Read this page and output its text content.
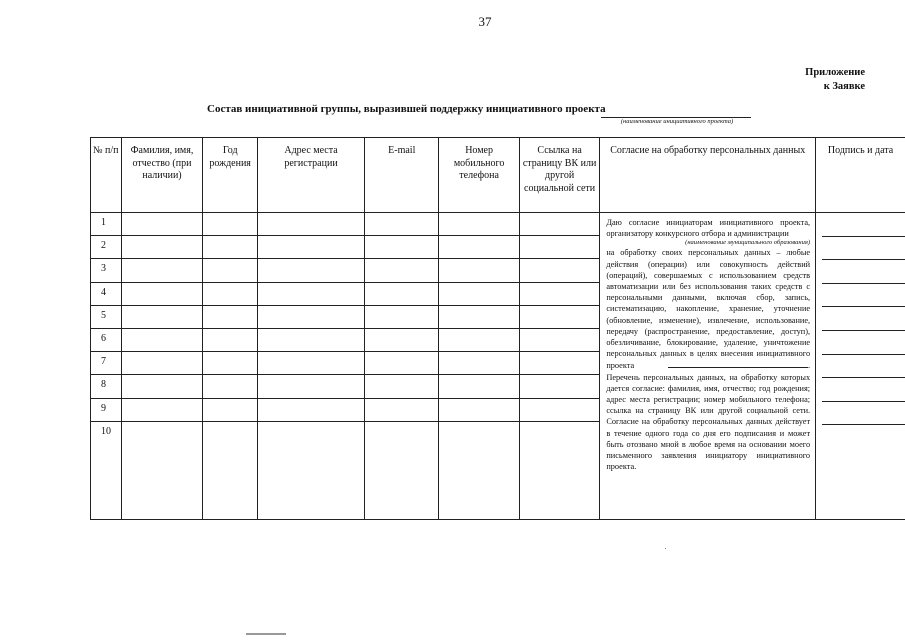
37
Приложение
к Заявке
Состав инициативной группы, выразившей поддержку инициативного проекта
(наименование инициативного проекта)
№ п/п	Фамилия, имя, отчество (при наличии)	Год рождения	Адрес места регистрации	E-mail	Номер мобильного телефона	Ссылка на страницу ВК или другой социальной сети	Согласие на обработку персональных данных	Подпись и дата
1							Даю согласие инициаторам инициативного проекта, организатору конкурсного отбора и администрации
(наименование муниципального образования)
на обработку своих персональных данных – любые действия (операции) или совокупность действий (операций), совершаемых с использованием средств автоматизации или без использования таких средств с персональными данными, включая сбор, запись, систематизацию, накопление, хранение, уточнение (обновление, изменение), извлечение, использование, передачу (распространение, предоставление, доступ), обезличивание, блокирование, удаление, уничтожение персональных данных в целях внесения инициативного проекта . Перечень персональных данных, на обработку которых дается согласие: фамилия, имя, отчество; год рождения; адрес места регистрации; номер мобильного телефона; ссылка на страницу ВК или другой социальной сети. Согласие на обработку персональных данных действует в течение одного года со дня его подписания и может быть отозвано мной в любое время на основании моего письменного заявления инициатору инициативного проекта.	

2								
3								
4								
5								
6								
7								
8								
9								
10								
